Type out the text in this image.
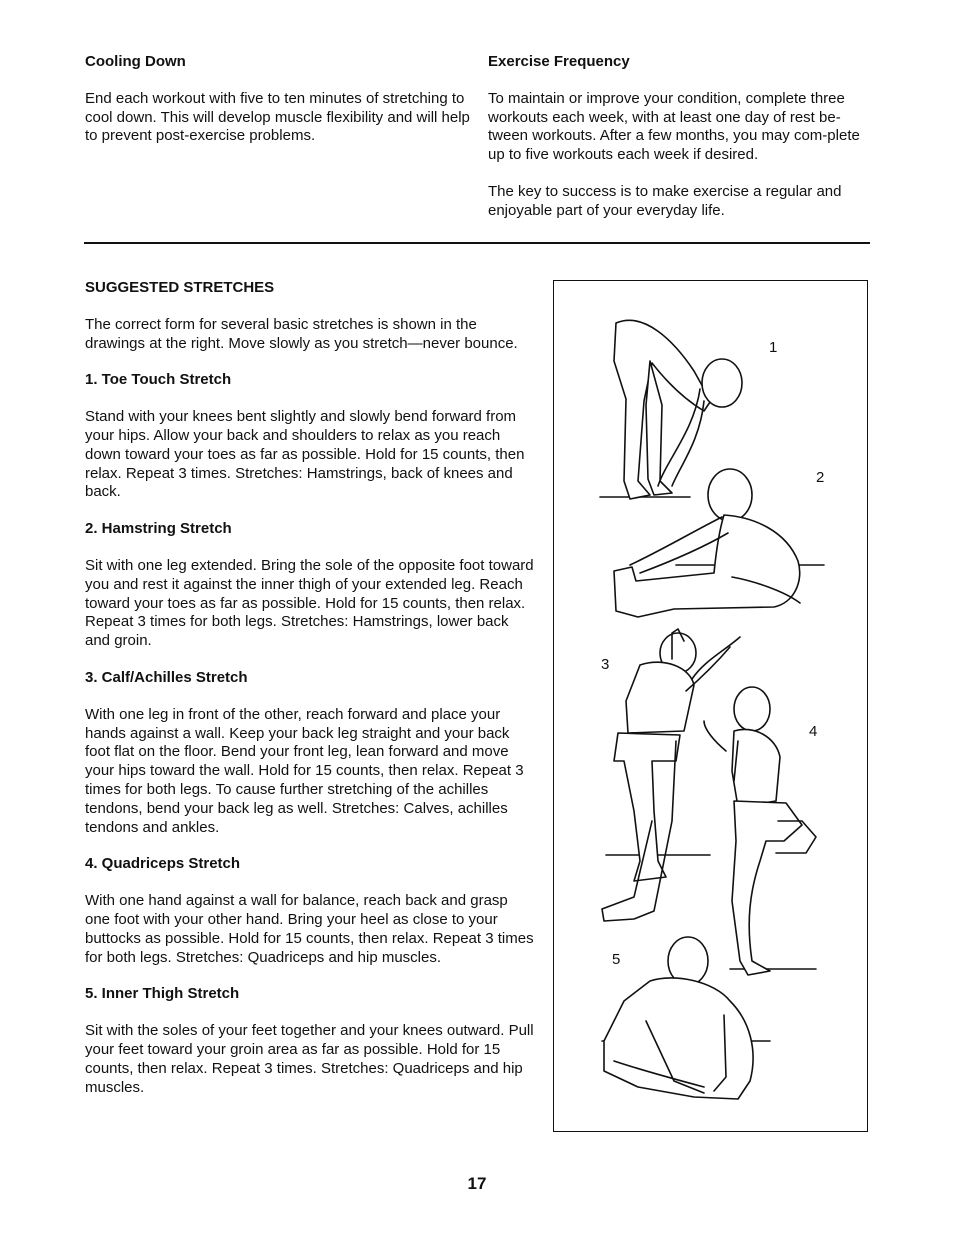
Cooling Down

End each workout with five to ten minutes of stretching to cool down. This will develop muscle flexibility and will help to prevent post-exercise problems.

Exercise Frequency

To maintain or improve your condition, complete three workouts each week, with at least one day of rest be-tween workouts. After a few months, you may com-plete up to five workouts each week if desired.

The key to success is to make exercise a regular and enjoyable part of your everyday life.

SUGGESTED STRETCHES

The correct form for several basic stretches is shown in the drawings at the right. Move slowly as you stretch—never bounce.

1. Toe Touch Stretch

Stand with your knees bent slightly and slowly bend forward from your hips. Allow your back and shoulders to relax as you reach down toward your toes as far as possible. Hold for 15 counts, then relax. Repeat 3 times. Stretches: Hamstrings, back of knees and back.

2. Hamstring Stretch

Sit with one leg extended. Bring the sole of the opposite foot toward you and rest it against the inner thigh of your extended leg. Reach toward your toes as far as possible. Hold for 15 counts, then relax. Repeat 3 times for both legs. Stretches: Hamstrings, lower back and groin.

3. Calf/Achilles Stretch

With one leg in front of the other, reach forward and place your hands against a wall. Keep your back leg straight and your back foot flat on the floor. Bend your front leg, lean forward and move your hips toward the wall. Hold for 15 counts, then relax. Repeat 3 times for both legs. To cause further stretching of the achilles tendons, bend your back leg as well. Stretches: Calves, achilles tendons and ankles.

4. Quadriceps Stretch

With one hand against a wall for balance, reach back and grasp one foot with your other hand. Bring your heel as close to your buttocks as possible. Hold for 15 counts, then relax. Repeat 3 times for both legs. Stretches: Quadriceps and hip muscles.

5. Inner Thigh Stretch

Sit with the soles of your feet together and your knees outward. Pull your feet toward your groin area as far as possible. Hold for 15 counts, then relax. Repeat 3 times. Stretches: Quadriceps and hip muscles.

1
2
3
4
5
17
